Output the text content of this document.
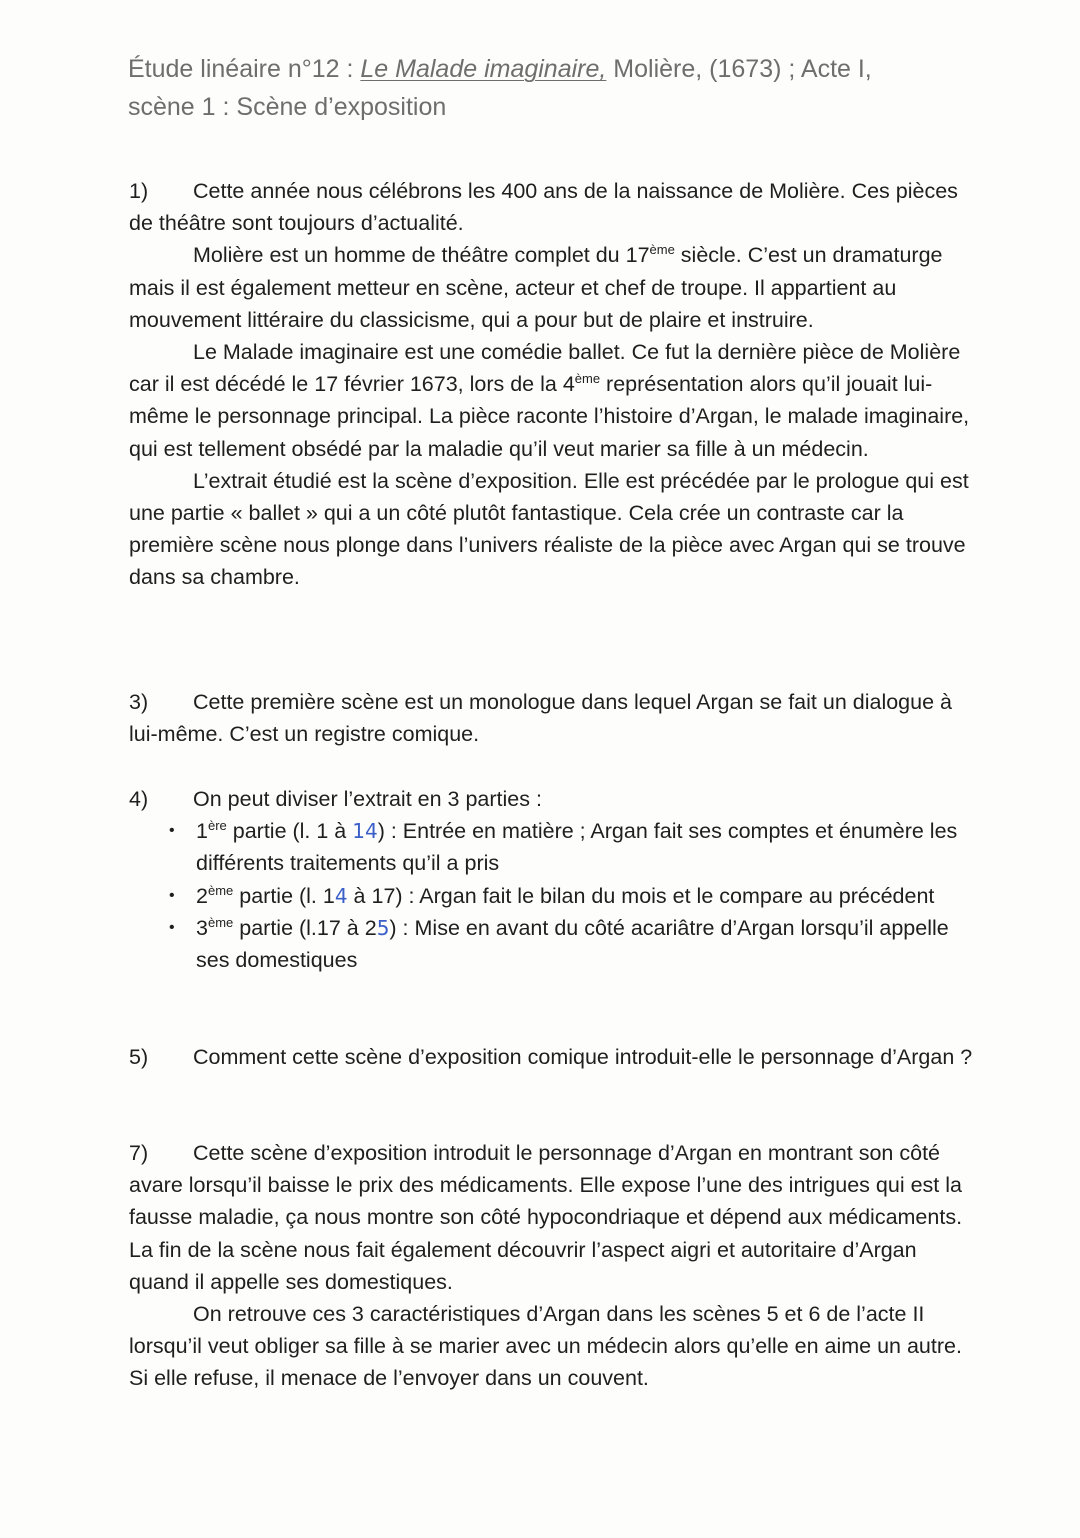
Étude linéaire n°12 : Le Malade imaginaire, Molière, (1673) ; Acte I,
scène 1 : Scène d’exposition

1) Cette année nous célébrons les 400 ans de la naissance de Molière. Ces pièces de théâtre sont toujours d’actualité.

Molière est un homme de théâtre complet du 17ème siècle. C’est un dramaturge mais il est également metteur en scène, acteur et chef de troupe. Il appartient au mouvement littéraire du classicisme, qui a pour but de plaire et instruire.

Le Malade imaginaire est une comédie ballet. Ce fut la dernière pièce de Molière car il est décédé le 17 février 1673, lors de la 4ème représentation alors qu’il jouait lui-même le personnage principal. La pièce raconte l’histoire d’Argan, le malade imaginaire, qui est tellement obsédé par la maladie qu’il veut marier sa fille à un médecin.

L’extrait étudié est la scène d’exposition. Elle est précédée par le prologue qui est une partie « ballet » qui a un côté plutôt fantastique. Cela crée un contraste car la première scène nous plonge dans l’univers réaliste de la pièce avec Argan qui se trouve dans sa chambre.

3) Cette première scène est un monologue dans lequel Argan se fait un dialogue à lui-même. C’est un registre comique.

4) On peut diviser l’extrait en 3 parties :

• 1ère partie (l. 1 à 14) : Entrée en matière ; Argan fait ses comptes et énumère les différents traitements qu’il a pris
• 2ème partie (l. 14 à 17) : Argan fait le bilan du mois et le compare au précédent
• 3ème partie (l.17 à 25) : Mise en avant du côté acariâtre d’Argan lorsqu’il appelle ses domestiques

5) Comment cette scène d’exposition comique introduit-elle le personnage d’Argan ?

7) Cette scène d’exposition introduit le personnage d’Argan en montrant son côté avare lorsqu’il baisse le prix des médicaments. Elle expose l’une des intrigues qui est la fausse maladie, ça nous montre son côté hypocondriaque et dépend aux médicaments. La fin de la scène nous fait également découvrir l’aspect aigri et autoritaire d’Argan quand il appelle ses domestiques.

On retrouve ces 3 caractéristiques d’Argan dans les scènes 5 et 6 de l’acte II lorsqu’il veut obliger sa fille à se marier avec un médecin alors qu’elle en aime un autre. Si elle refuse, il menace de l’envoyer dans un couvent.
